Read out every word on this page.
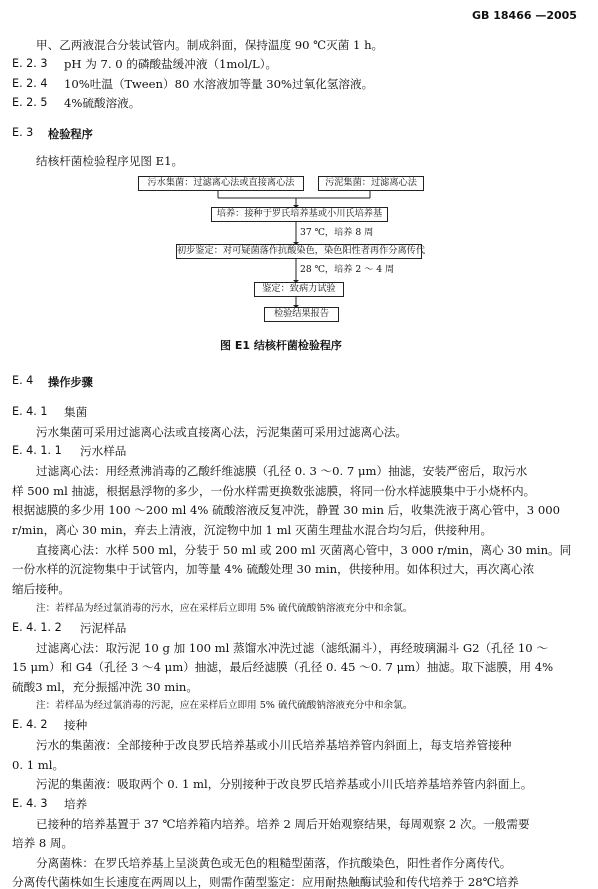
GB 18466 —2005
甲、乙两液混合分装试管内。制成斜面，保持温度 90 ℃灭菌 1 h。
E. 2. 3 pH 为 7. 0 的磷酸盐缓冲液（1mol/L）。
E. 2. 4 10%吐温（Tween）80 水溶液加等量 30%过氧化氢溶液。
E. 2. 5 4%硫酸溶液。
E. 3 检验程序
结核杆菌检验程序见图 E1。
污水集菌：过滤离心法或直接离心法	污泥集菌：过滤离心法
培养：接种于罗氏培养基或小川氏培养基
37 ℃，培养 8 周
初步鉴定：对可疑菌落作抗酸染色，染色阳性者再作分离传代
28 ℃，培养 2 ～ 4 周
鉴定：致病力试验
检验结果报告
图 E1 结核杆菌检验程序
E. 4 操作步骤
E. 4. 1 集菌
污水集菌可采用过滤离心法或直接离心法，污泥集菌可采用过滤离心法。
E. 4. 1. 1 污水样品
过滤离心法：用经煮沸消毒的乙酸纤维滤膜（孔径 0. 3 ～0. 7 μm）抽滤，安装严密后，取污水
样 500 ml 抽滤，根据悬浮物的多少，一份水样需更换数张滤膜，将同一份水样滤膜集中于小烧杯内。
根据滤膜的多少用 100 ～200 ml 4% 硫酸溶液反复冲洗，静置 30 min 后，收集洗液于离心管中，3 000
r/min，离心 30 min，弃去上清液，沉淀物中加 1 ml 灭菌生理盐水混合均匀后，供接种用。
直接离心法：水样 500 ml，分装于 50 ml 或 200 ml 灭菌离心管中，3 000 r/min，离心 30 min。同
一份水样的沉淀物集中于试管内，加等量 4% 硫酸处理 30 min，供接种用。如体积过大，再次离心浓
缩后接种。
注：若样品为经过氯消毒的污水，应在采样后立即用 5% 硫代硫酸钠溶液充分中和余氯。
E. 4. 1. 2 污泥样品
过滤离心法：取污泥 10 g 加 100 ml 蒸馏水冲洗过滤（滤纸漏斗），再经玻璃漏斗 G2（孔径 10 ～
15 μm）和 G4（孔径 3 ～4 μm）抽滤，最后经滤膜（孔径 0. 45 ～0. 7 μm）抽滤。取下滤膜，用 4%
硫酸3 ml，充分振摇冲洗 30 min。
注：若样品为经过氯消毒的污泥，应在采样后立即用 5% 硫代硫酸钠溶液充分中和余氯。
E. 4. 2 接种
污水的集菌液：全部接种于改良罗氏培养基或小川氏培养基培养管内斜面上，每支培养管接种
0. 1 ml。
污泥的集菌液：吸取两个 0. 1 ml，分别接种于改良罗氏培养基或小川氏培养基培养管内斜面上。
E. 4. 3 培养
已接种的培养基置于 37 ℃培养箱内培养。培养 2 周后开始观察结果，每周观察 2 次。一般需要
培养 8 周。
分离菌株：在罗氏培养基上呈淡黄色或无色的粗糙型菌落，作抗酸染色，阳性者作分离传代。
分离传代菌株如生长速度在两周以上，则需作菌型鉴定：应用耐热触酶试验和传代培养于 28℃培养
